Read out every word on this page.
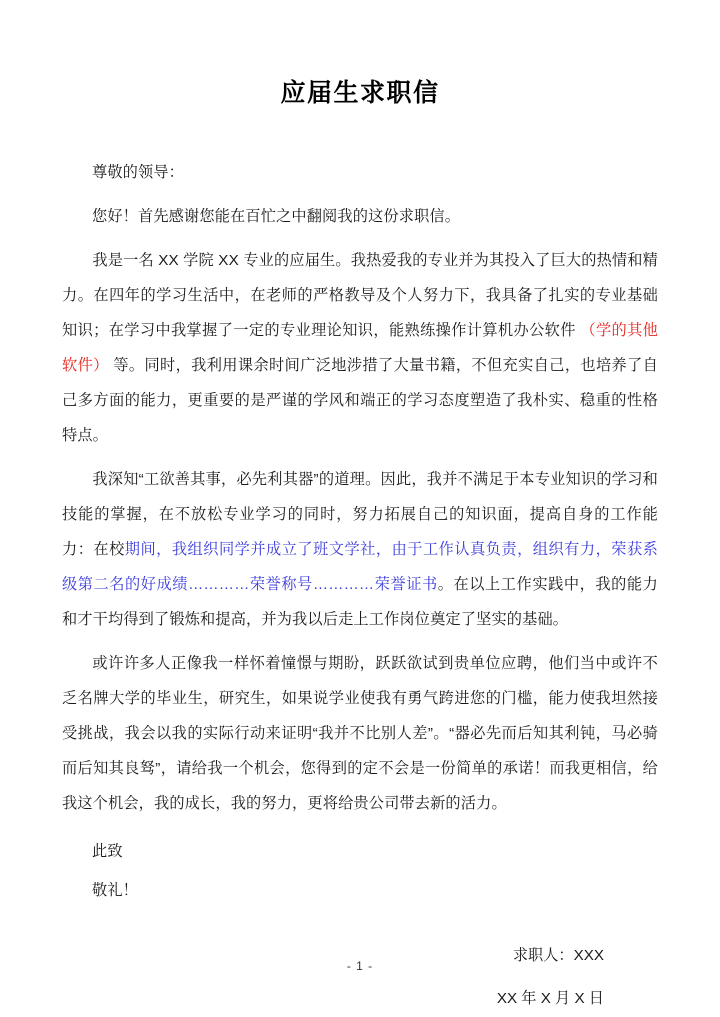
应届生求职信

尊敬的领导：

您好！首先感谢您能在百忙之中翻阅我的这份求职信。

我是一名 XX 学院 XX 专业的应届生。我热爱我的专业并为其投入了巨大的热情和精力。在四年的学习生活中，在老师的严格教导及个人努力下，我具备了扎实的专业基础知识；在学习中我掌握了一定的专业理论知识，能熟练操作计算机办公软件 （学的其他软件） 等。同时，我利用课余时间广泛地涉措了大量书籍，不但充实自己，也培养了自己多方面的能力，更重要的是严谨的学风和端正的学习态度塑造了我朴实、稳重的性格特点。

我深知“工欲善其事，必先利其器”的道理。因此，我并不满足于本专业知识的学习和技能的掌握，在不放松专业学习的同时，努力拓展自己的知识面，提高自身的工作能力：在校期间，我组织同学并成立了班文学社，由于工作认真负责，组织有力，荣获系级第二名的好成绩…………荣誉称号…………荣誉证书。在以上工作实践中，我的能力和才干均得到了锻炼和提高，并为我以后走上工作岗位奠定了坚实的基础。

或许许多人正像我一样怀着憧憬与期盼，跃跃欲试到贵单位应聘，他们当中或许不乏名牌大学的毕业生，研究生，如果说学业使我有勇气跨进您的门槛，能力使我坦然接受挑战，我会以我的实际行动来证明“我并不比别人差”。“器必先而后知其利钝，马必骑而后知其良驽”，请给我一个机会，您得到的定不会是一份简单的承诺！而我更相信，给我这个机会，我的成长，我的努力，更将给贵公司带去新的活力。

此致

敬礼！

求职人：XXX

XX 年 X 月 X 日

- 1 -
